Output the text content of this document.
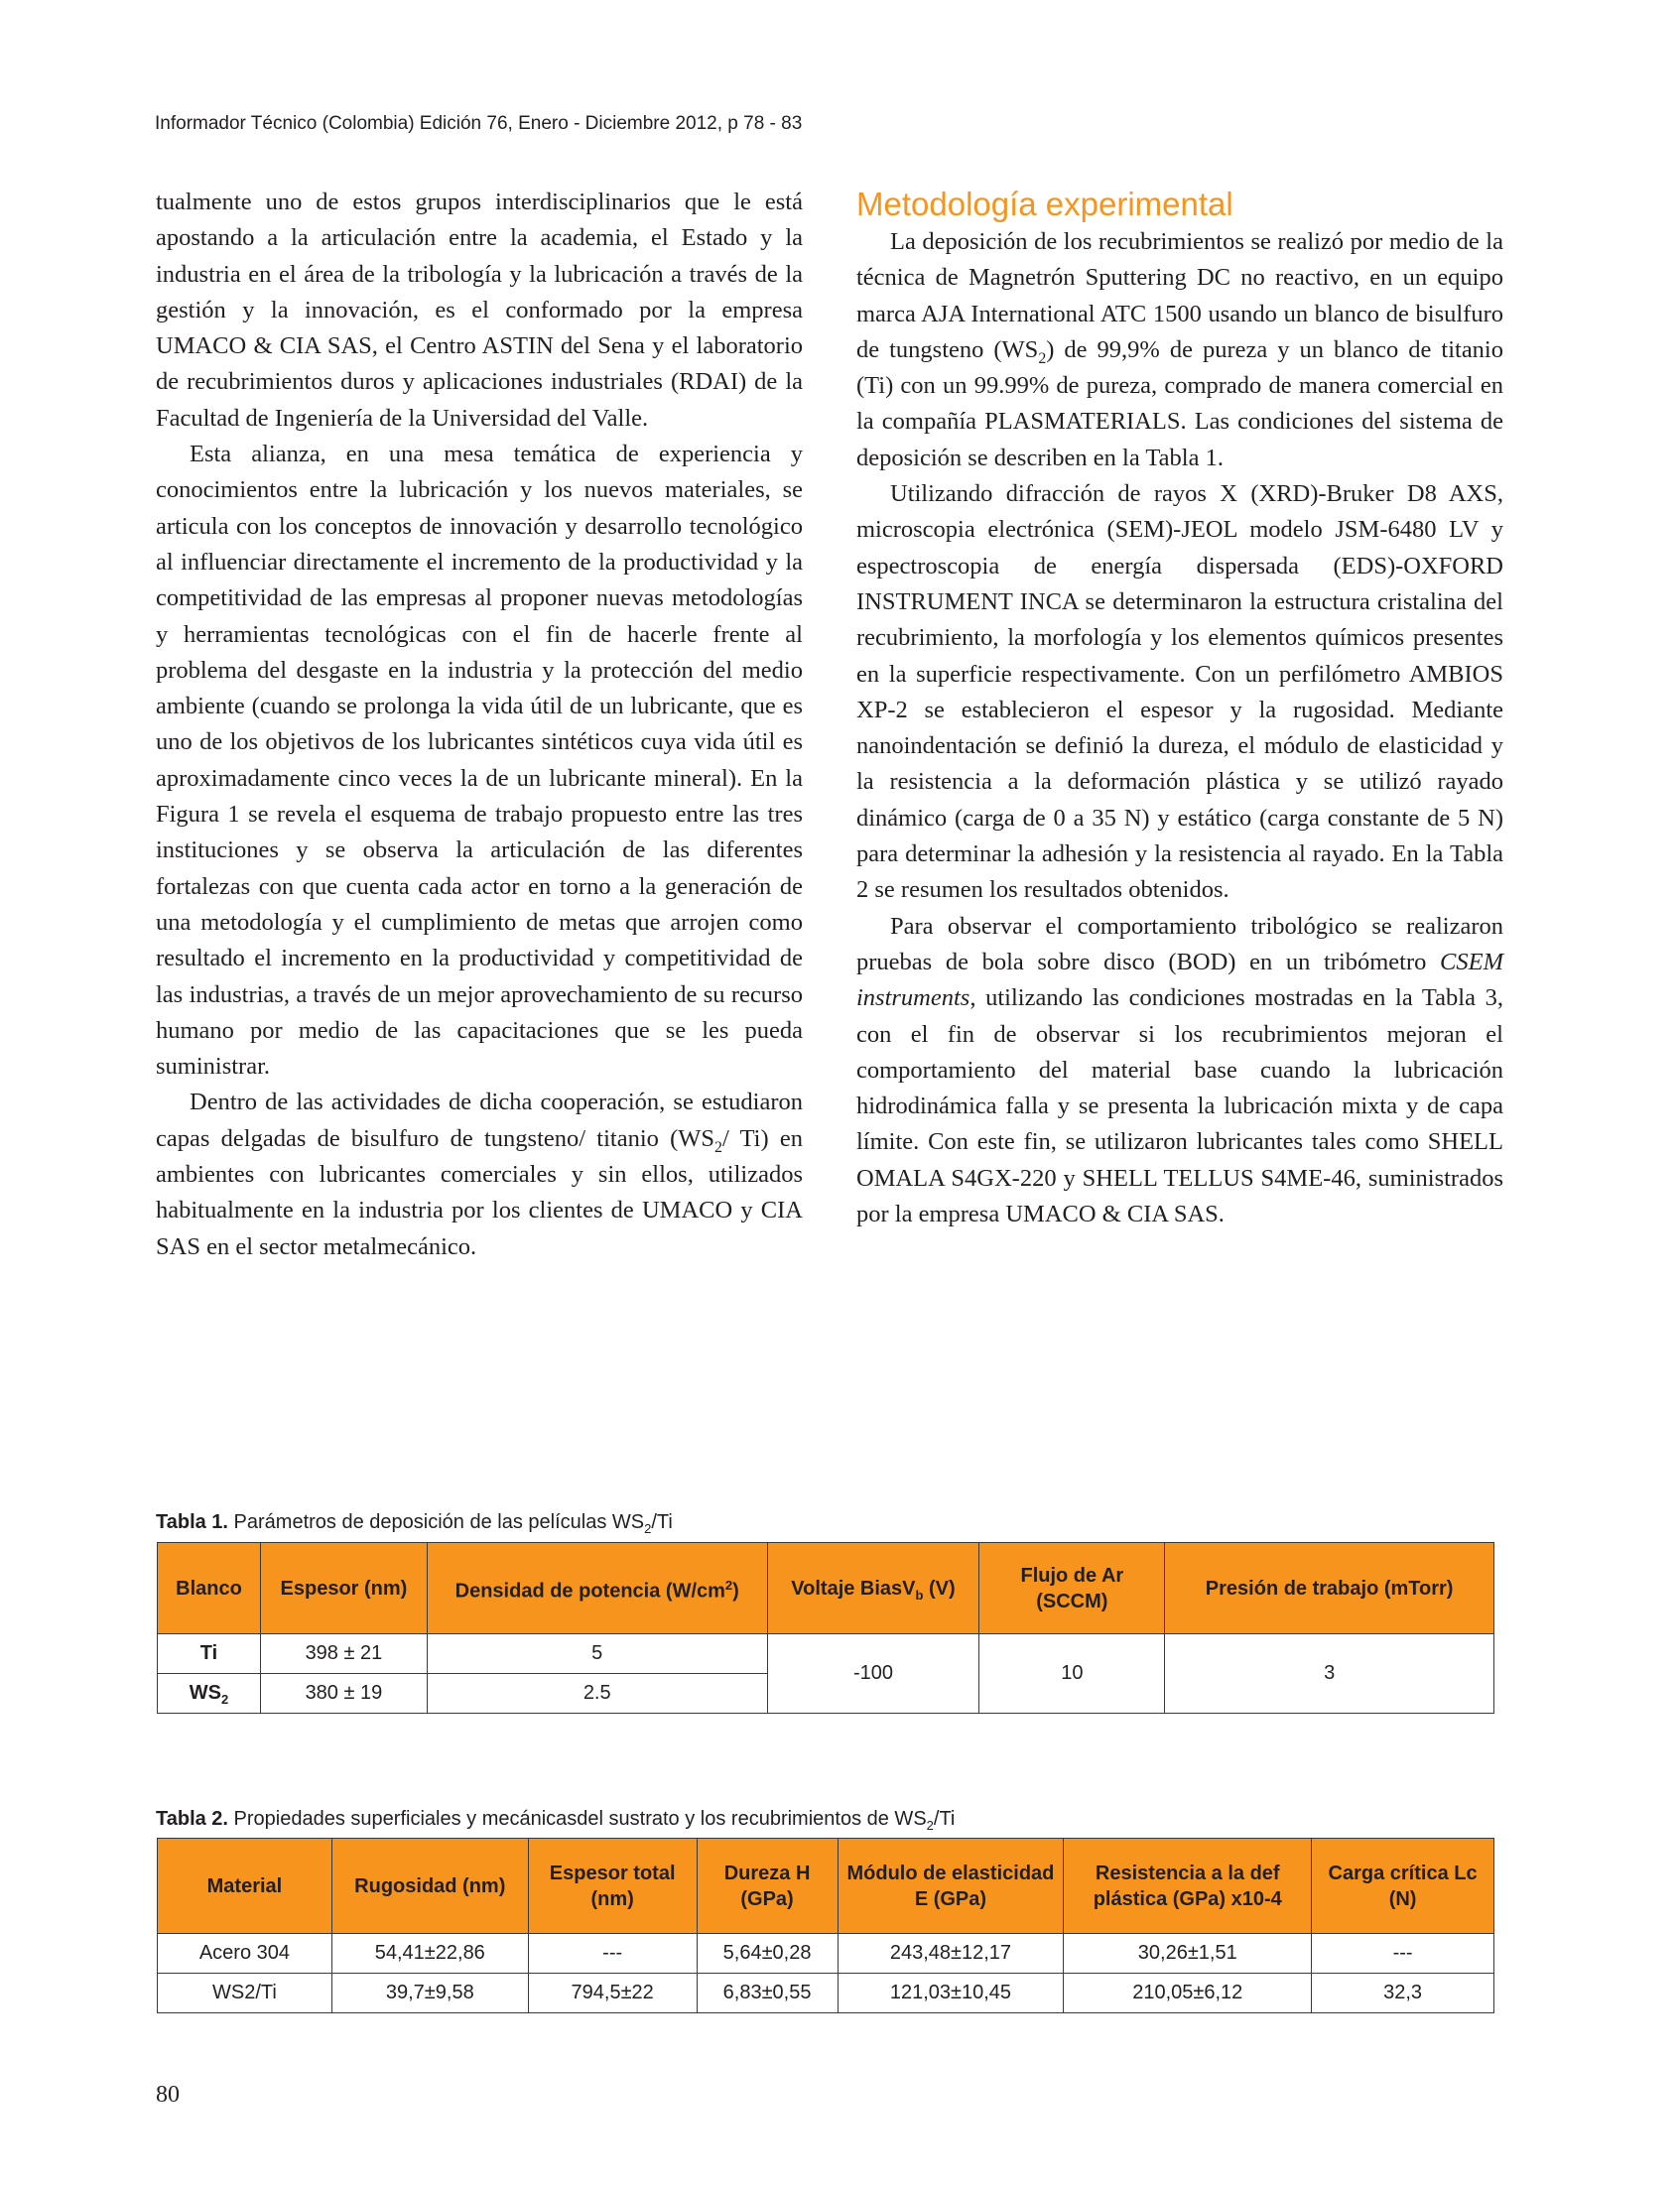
Informador Técnico (Colombia) Edición 76, Enero - Diciembre 2012, p 78 - 83

tualmente uno de estos grupos interdisciplinarios que le está apostando a la articulación entre la academia, el Estado y la industria en el área de la tribología y la lubricación a través de la gestión y la innovación, es el conformado por la empresa UMACO & CIA SAS, el Centro ASTIN del Sena y el laboratorio de recubrimientos duros y aplicaciones industriales (RDAI) de la Facultad de Ingeniería de la Universidad del Valle.

Esta alianza, en una mesa temática de experiencia y conocimientos entre la lubricación y los nuevos materiales, se articula con los conceptos de innovación y desarrollo tecnológico al influenciar directamente el incremento de la productividad y la competitividad de las empresas al proponer nuevas metodologías y herramientas tecnológicas con el fin de hacerle frente al problema del desgaste en la industria y la protección del medio ambiente (cuando se prolonga la vida útil de un lubricante, que es uno de los objetivos de los lubricantes sintéticos cuya vida útil es aproximadamente cinco veces la de un lubricante mineral). En la Figura 1 se revela el esquema de trabajo propuesto entre las tres instituciones y se observa la articulación de las diferentes fortalezas con que cuenta cada actor en torno a la generación de una metodología y el cumplimiento de metas que arrojen como resultado el incremento en la productividad y competitividad de las industrias, a través de un mejor aprovechamiento de su recurso humano por medio de las capacitaciones que se les pueda suministrar.

Dentro de las actividades de dicha cooperación, se estudiaron capas delgadas de bisulfuro de tungsteno/ titanio ($WS_2/$ Ti) en ambientes con lubricantes comerciales y sin ellos, utilizados habitualmente en la industria por los clientes de UMACO y CIA SAS en el sector metalmecánico.

Metodología experimental

La deposición de los recubrimientos se realizó por medio de la técnica de Magnetrón Sputtering DC no reactivo, en un equipo marca AJA International ATC 1500 usando un blanco de bisulfuro de tungsteno $(WS_2)$ de 99,9% de pureza y un blanco de titanio (Ti) con un 99.99% de pureza, comprado de manera comercial en la compañía PLASMATERIALS. Las condiciones del sistema de deposición se describen en la Tabla 1.

Utilizando difracción de rayos X (XRD)-Bruker D8 AXS, microscopia electrónica (SEM)-JEOL modelo JSM-6480 LV y espectroscopia de energía dispersada (EDS)-OXFORD INSTRUMENT INCA se determinaron la estructura cristalina del recubrimiento, la morfología y los elementos químicos presentes en la superficie respectivamente. Con un perfilómetro AMBIOS XP-2 se establecieron el espesor y la rugosidad. Mediante nanoindentación se definió la dureza, el módulo de elasticidad y la resistencia a la deformación plástica y se utilizó rayado dinámico (carga de 0 a 35 N) y estático (carga constante de 5 N) para determinar la adhesión y la resistencia al rayado. En la Tabla 2 se resumen los resultados obtenidos.

Para observar el comportamiento tribológico se realizaron pruebas de bola sobre disco (BOD) en un tribómetro CSEM instruments, utilizando las condiciones mostradas en la Tabla 3, con el fin de observar si los recubrimientos mejoran el comportamiento del material base cuando la lubricación hidrodinámica falla y se presenta la lubricación mixta y de capa límite. Con este fin, se utilizaron lubricantes tales como SHELL OMALA S4GX-220 y SHELL TELLUS S4ME-46, suministrados por la empresa UMACO & CIA SAS.

Tabla 1. Parámetros de deposición de las películas $WS_2/Ti$
Blanco	Espesor (nm)	Densidad de potencia $(W/cm^2)$	Voltaje BiasV$_b$ (V)	Flujo de Ar (SCCM)	Presión de trabajo (mTorr)
Ti	398 ± 21	5	-100	10	3
$WS_2$	380 ± 19	2.5			
Tabla 2. Propiedades superficiales y mecánicasdel sustrato y los recubrimientos de $WS_2/Ti$
Material	Rugosidad (nm)	Espesor total (nm)	Dureza H (GPa)	Módulo de elasticidad E (GPa)	Resistencia a la def plástica (GPa) x10-4	Carga crítica Lc (N)
Acero 304	54,41±22,86	---	5,64±0,28	243,48±12,17	30,26±1,51	---
WS2/Ti	39,7±9,58	794,5±22	6,83±0,55	121,03±10,45	210,05±6,12	32,3
80
